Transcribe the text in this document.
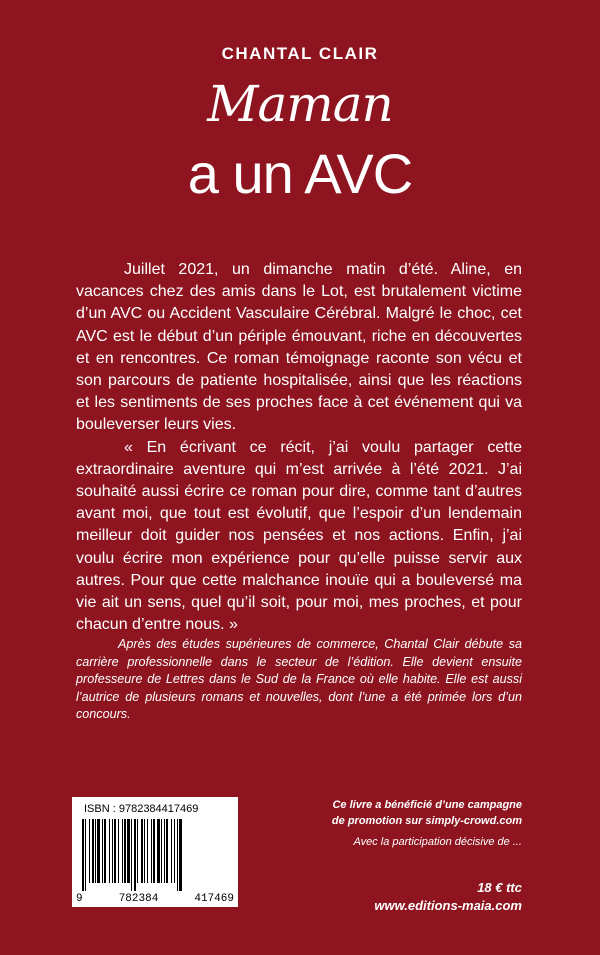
CHANTAL CLAIR
Maman
a un AVC

Juillet 2021, un dimanche matin d’été. Aline, en vacances chez des amis dans le Lot, est brutalement victime d’un AVC ou Accident Vasculaire Cérébral. Malgré le choc, cet AVC est le début d’un périple émouvant, riche en découvertes et en rencontres. Ce roman témoignage raconte son vécu et son parcours de patiente hospitalisée, ainsi que les réactions et les sentiments de ses proches face à cet événement qui va bouleverser leurs vies.

« En écrivant ce récit, j’ai voulu partager cette extraordinaire aventure qui m’est arrivée à l’été 2021. J’ai souhaité aussi écrire ce roman pour dire, comme tant d’autres avant moi, que tout est évolutif, que l’espoir d’un lendemain meilleur doit guider nos pensées et nos actions. Enfin, j’ai voulu écrire mon expérience pour qu’elle puisse servir aux autres. Pour que cette malchance inouïe qui a bouleversé ma vie ait un sens, quel qu’il soit, pour moi, mes proches, et pour chacun d’entre nous. »

Après des études supérieures de commerce, Chantal Clair débute sa carrière professionnelle dans le secteur de l’édition. Elle devient ensuite professeure de Lettres dans le Sud de la France où elle habite. Elle est aussi l’autrice de plusieurs romans et nouvelles, dont l’une a été primée lors d’un concours.

ISBN : 9782384417469
9	782384	417469
Ce livre a bénéficié d’une campagne
de promotion sur simply-crowd.com
Avec la participation décisive de ...
18 € ttc
www.editions-maia.com
